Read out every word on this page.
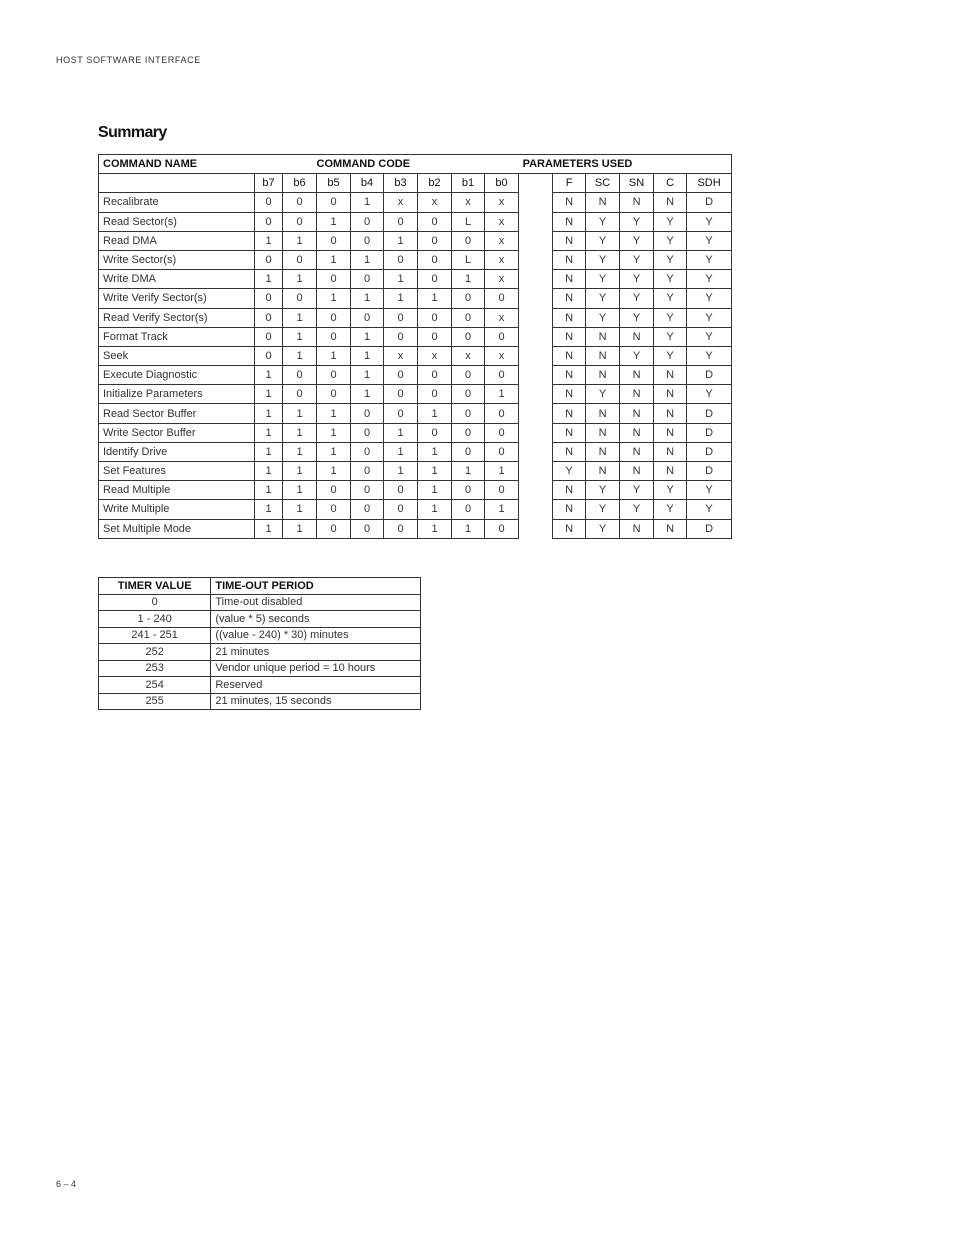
HOST SOFTWARE INTERFACE
Summary
COMMAND NAME			COMMAND CODE						PARAMETERS USED					
	b7	b6	b5	b4	b3	b2	b1	b0		F	SC	SN	C	SDH
Recalibrate	0	0	0	1	x	x	x	x		N	N	N	N	D
Read Sector(s)	0	0	1	0	0	0	L	x		N	Y	Y	Y	Y
Read DMA	1	1	0	0	1	0	0	x		N	Y	Y	Y	Y
Write Sector(s)	0	0	1	1	0	0	L	x		N	Y	Y	Y	Y
Write DMA	1	1	0	0	1	0	1	x		N	Y	Y	Y	Y
Write Verify Sector(s)	0	0	1	1	1	1	0	0		N	Y	Y	Y	Y
Read Verify Sector(s)	0	1	0	0	0	0	0	x		N	Y	Y	Y	Y
Format Track	0	1	0	1	0	0	0	0		N	N	N	Y	Y
Seek	0	1	1	1	x	x	x	x		N	N	Y	Y	Y
Execute Diagnostic	1	0	0	1	0	0	0	0		N	N	N	N	D
Initialize Parameters	1	0	0	1	0	0	0	1		N	Y	N	N	Y
Read Sector Buffer	1	1	1	0	0	1	0	0		N	N	N	N	D
Write Sector Buffer	1	1	1	0	1	0	0	0		N	N	N	N	D
Identify Drive	1	1	1	0	1	1	0	0		N	N	N	N	D
Set Features	1	1	1	0	1	1	1	1		Y	N	N	N	D
Read Multiple	1	1	0	0	0	1	0	0		N	Y	Y	Y	Y
Write Multiple	1	1	0	0	0	1	0	1		N	Y	Y	Y	Y
Set Multiple Mode	1	1	0	0	0	1	1	0		N	Y	N	N	D
TIMER VALUE	TIME-OUT PERIOD
0	Time-out disabled
1 - 240	(value * 5) seconds
241 - 251	((value - 240) * 30) minutes
252	21 minutes
253	Vendor unique period = 10 hours
254	Reserved
255	21 minutes, 15 seconds
6 – 4
